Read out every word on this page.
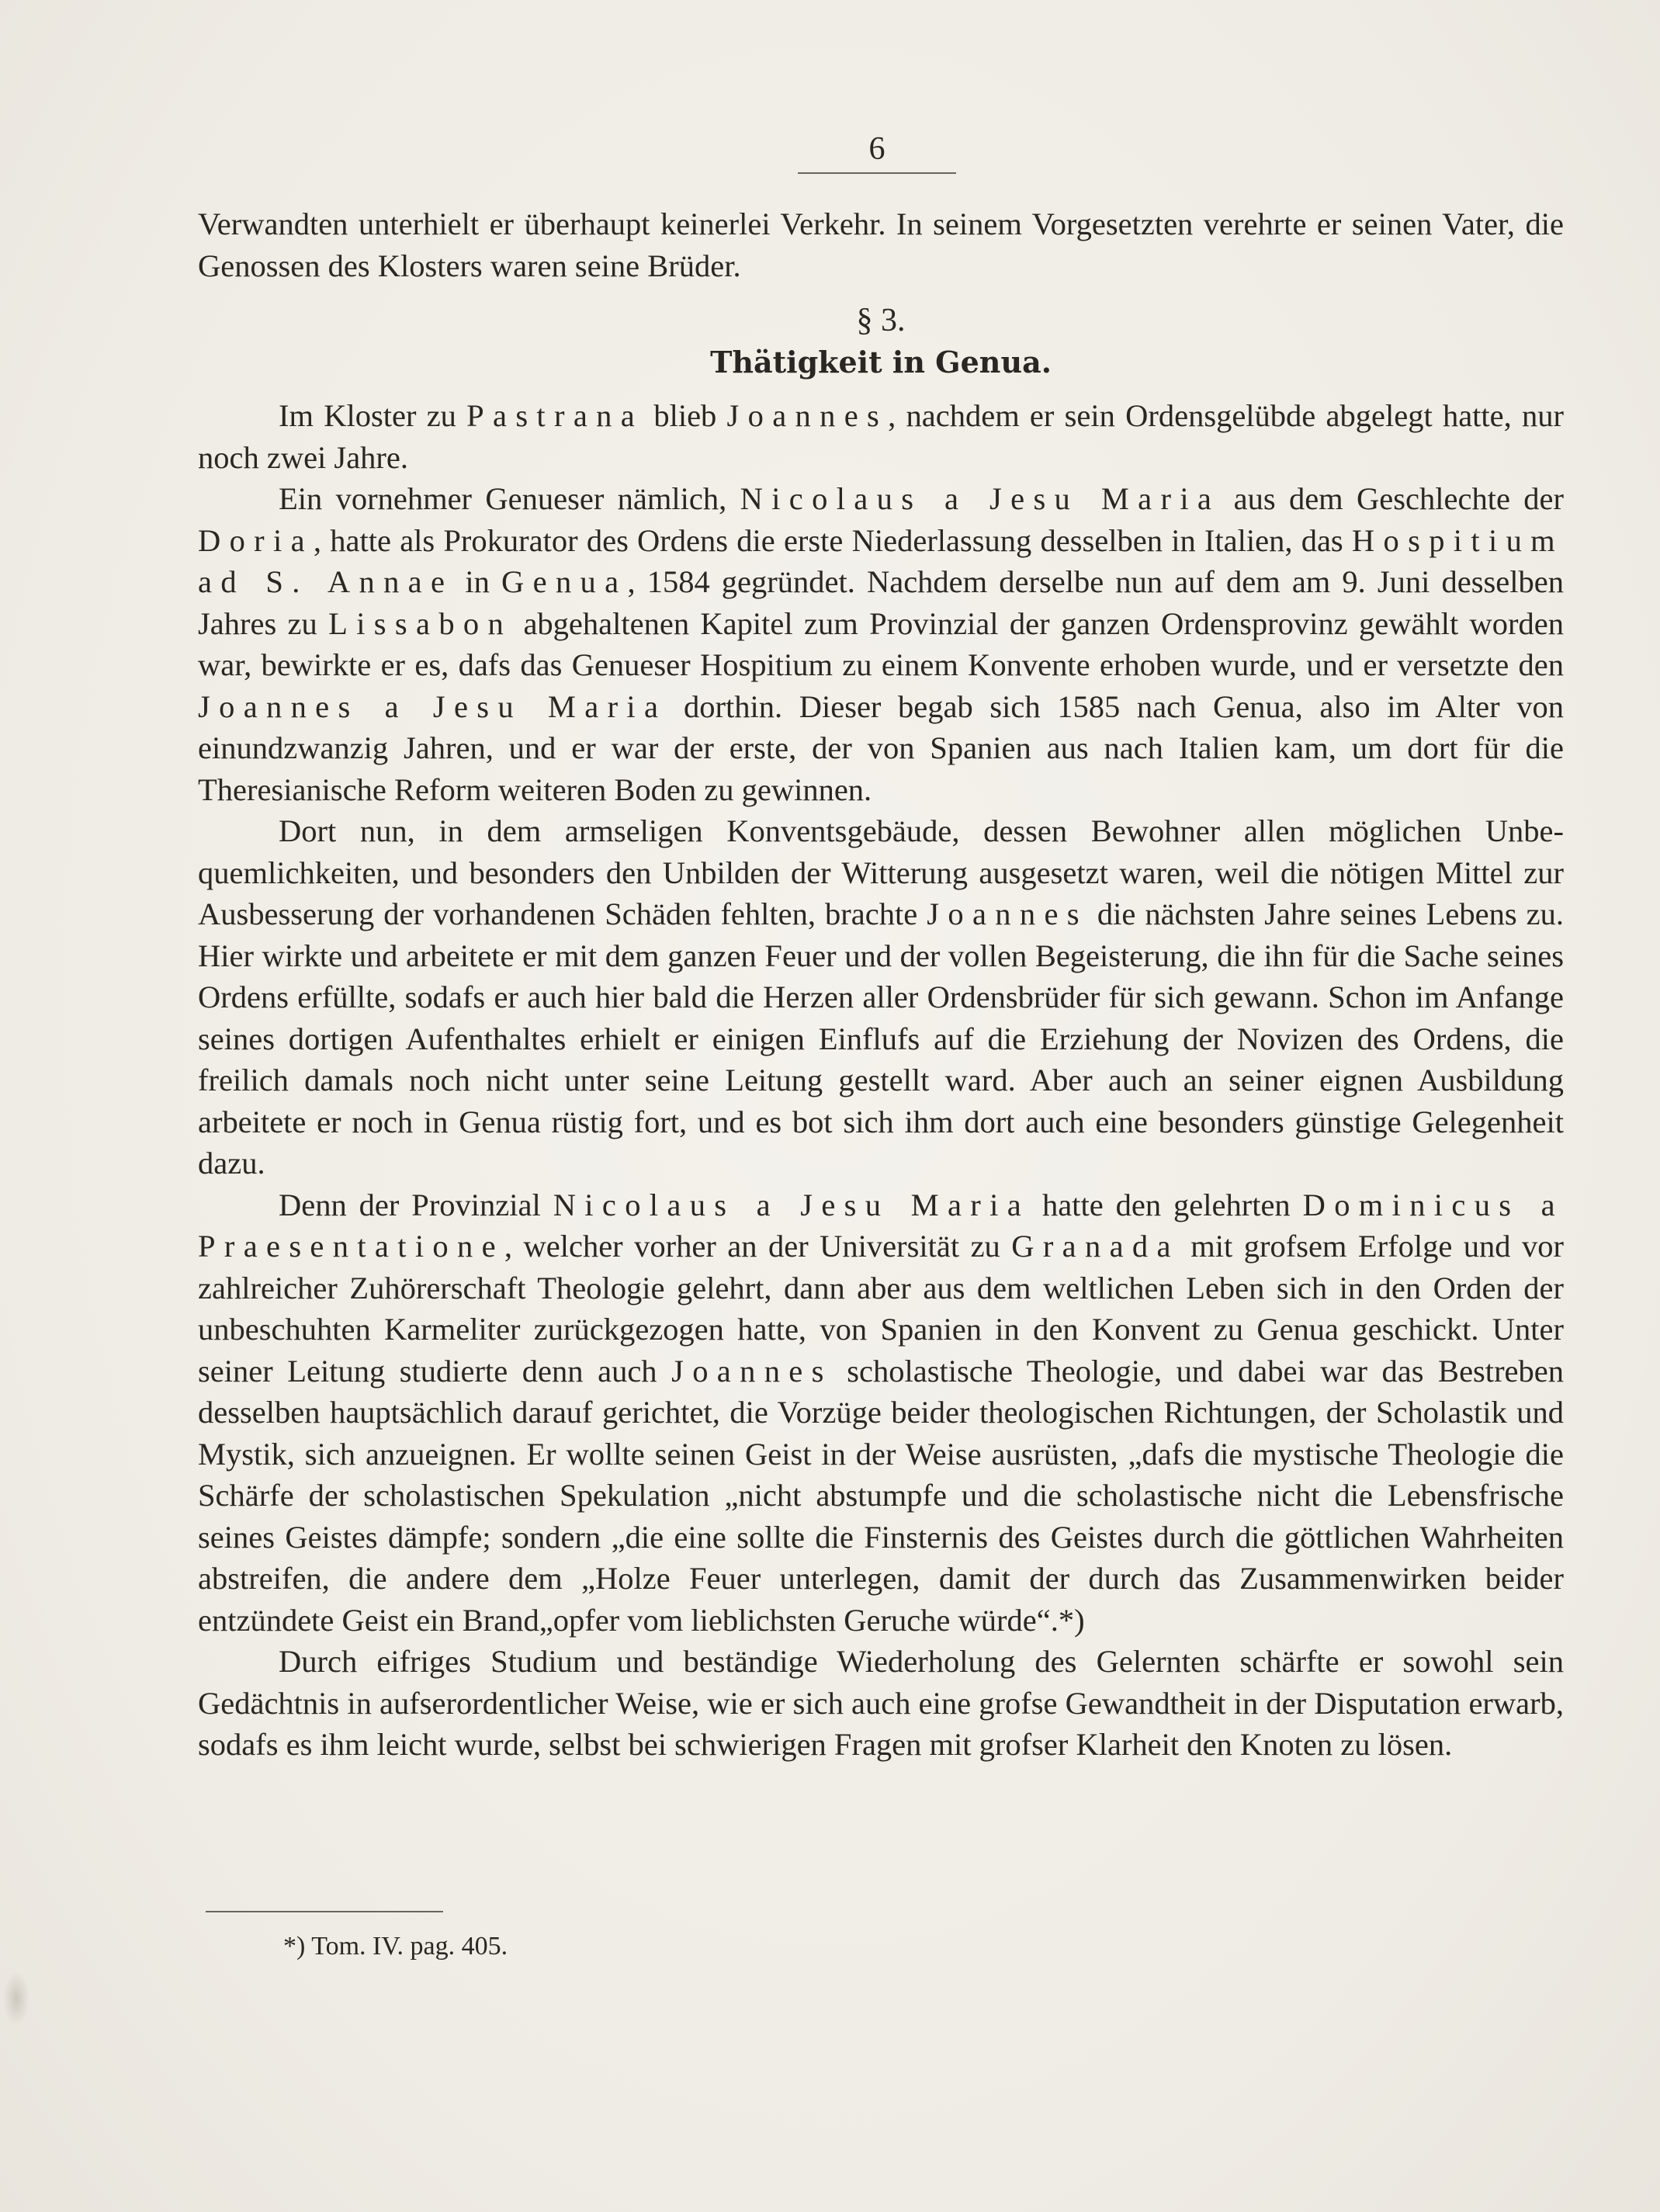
6

Verwandten unterhielt er überhaupt keinerlei Verkehr. In seinem Vorgesetzten verehrte er seinen Vater, die Genossen des Klosters waren seine Brüder.

§ 3.
Thätigkeit in Genua.

Im Kloster zu Pastrana blieb Joannes, nachdem er sein Ordensgelübde abgelegt hatte, nur noch zwei Jahre.

Ein vornehmer Genueser nämlich, Nicolaus a Jesu Maria aus dem Geschlechte der Doria, hatte als Prokurator des Ordens die erste Niederlassung desselben in Italien, das Hospitium ad S. Annae in Genua, 1584 gegründet. Nachdem derselbe nun auf dem am 9. Juni desselben Jahres zu Lissabon abgehaltenen Kapitel zum Provinzial der ganzen Ordensprovinz gewählt worden war, bewirkte er es, dafs das Genueser Hospitium zu einem Konvente erhoben wurde, und er versetzte den Joannes a Jesu Maria dorthin. Dieser begab sich 1585 nach Genua, also im Alter von einundzwanzig Jahren, und er war der erste, der von Spanien aus nach Italien kam, um dort für die Theresianische Reform weiteren Boden zu gewinnen.

Dort nun, in dem armseligen Konventsgebäude, dessen Bewohner allen möglichen Unbequemlichkeiten, und besonders den Unbilden der Witterung ausgesetzt waren, weil die nötigen Mittel zur Ausbesserung der vorhandenen Schäden fehlten, brachte Joannes die nächsten Jahre seines Lebens zu. Hier wirkte und arbeitete er mit dem ganzen Feuer und der vollen Begeisterung, die ihn für die Sache seines Ordens erfüllte, sodafs er auch hier bald die Herzen aller Ordensbrüder für sich gewann. Schon im Anfange seines dortigen Aufenthaltes erhielt er einigen Einflufs auf die Erziehung der Novizen des Ordens, die freilich damals noch nicht unter seine Leitung gestellt ward. Aber auch an seiner eignen Ausbildung arbeitete er noch in Genua rüstig fort, und es bot sich ihm dort auch eine besonders günstige Gelegenheit dazu.

Denn der Provinzial Nicolaus a Jesu Maria hatte den gelehrten Dominicus a Praesentatione, welcher vorher an der Universität zu Granada mit grofsem Erfolge und vor zahlreicher Zuhörerschaft Theologie gelehrt, dann aber aus dem weltlichen Leben sich in den Orden der unbeschuhten Karmeliter zurückgezogen hatte, von Spanien in den Konvent zu Genua geschickt. Unter seiner Leitung studierte denn auch Joannes scholastische Theologie, und dabei war das Bestreben desselben hauptsächlich darauf gerichtet, die Vorzüge beider theologischen Richtungen, der Scholastik und Mystik, sich anzueignen. Er wollte seinen Geist in der Weise ausrüsten, „dafs die mystische Theologie die Schärfe der scholastischen Spekulation „nicht abstumpfe und die scholastische nicht die Lebensfrische seines Geistes dämpfe; sondern „die eine sollte die Finsternis des Geistes durch die göttlichen Wahrheiten abstreifen, die andere dem „Holze Feuer unterlegen, damit der durch das Zusammenwirken beider entzündete Geist ein Brand„opfer vom lieblichsten Geruche würde“.*)

Durch eifriges Studium und beständige Wiederholung des Gelernten schärfte er sowohl sein Gedächtnis in aufserordentlicher Weise, wie er sich auch eine grofse Gewandtheit in der Disputation erwarb, sodafs es ihm leicht wurde, selbst bei schwierigen Fragen mit grofser Klarheit den Knoten zu lösen.

*) Tom. IV. pag. 405.
